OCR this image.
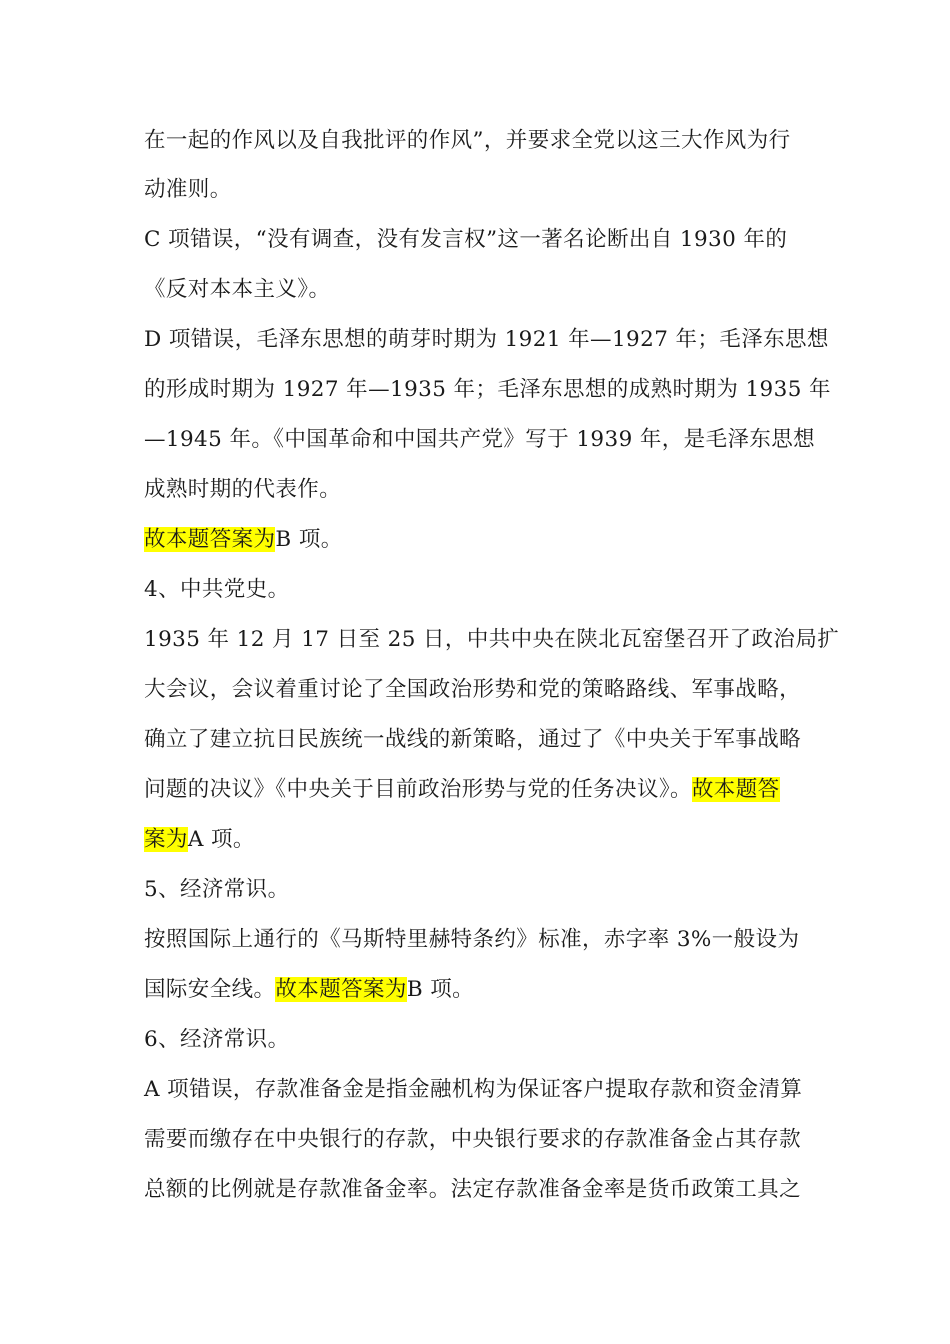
在一起的作风以及自我批评的作风”，并要求全党以这三大作风为行
动准则。
C 项错误，“没有调查，没有发言权”这一著名论断出自 1930 年的
《反对本本主义》。
D 项错误，毛泽东思想的萌芽时期为 1921 年—1927 年；毛泽东思想
的形成时期为 1927 年—1935 年；毛泽东思想的成熟时期为 1935 年
—1945 年。《中国革命和中国共产党》写于 1939 年，是毛泽东思想
成熟时期的代表作。
故本题答案为B 项。
4、中共党史。
1935 年 12 月 17 日至 25 日，中共中央在陕北瓦窑堡召开了政治局扩
大会议，会议着重讨论了全国政治形势和党的策略路线、军事战略，
确立了建立抗日民族统一战线的新策略，通过了《中央关于军事战略
问题的决议》《中央关于目前政治形势与党的任务决议》。故本题答
案为A 项。
5、经济常识。
按照国际上通行的《马斯特里赫特条约》标准，赤字率 3%一般设为
国际安全线。故本题答案为B 项。
6、经济常识。
A 项错误，存款准备金是指金融机构为保证客户提取存款和资金清算
需要而缴存在中央银行的存款，中央银行要求的存款准备金占其存款
总额的比例就是存款准备金率。法定存款准备金率是货币政策工具之
